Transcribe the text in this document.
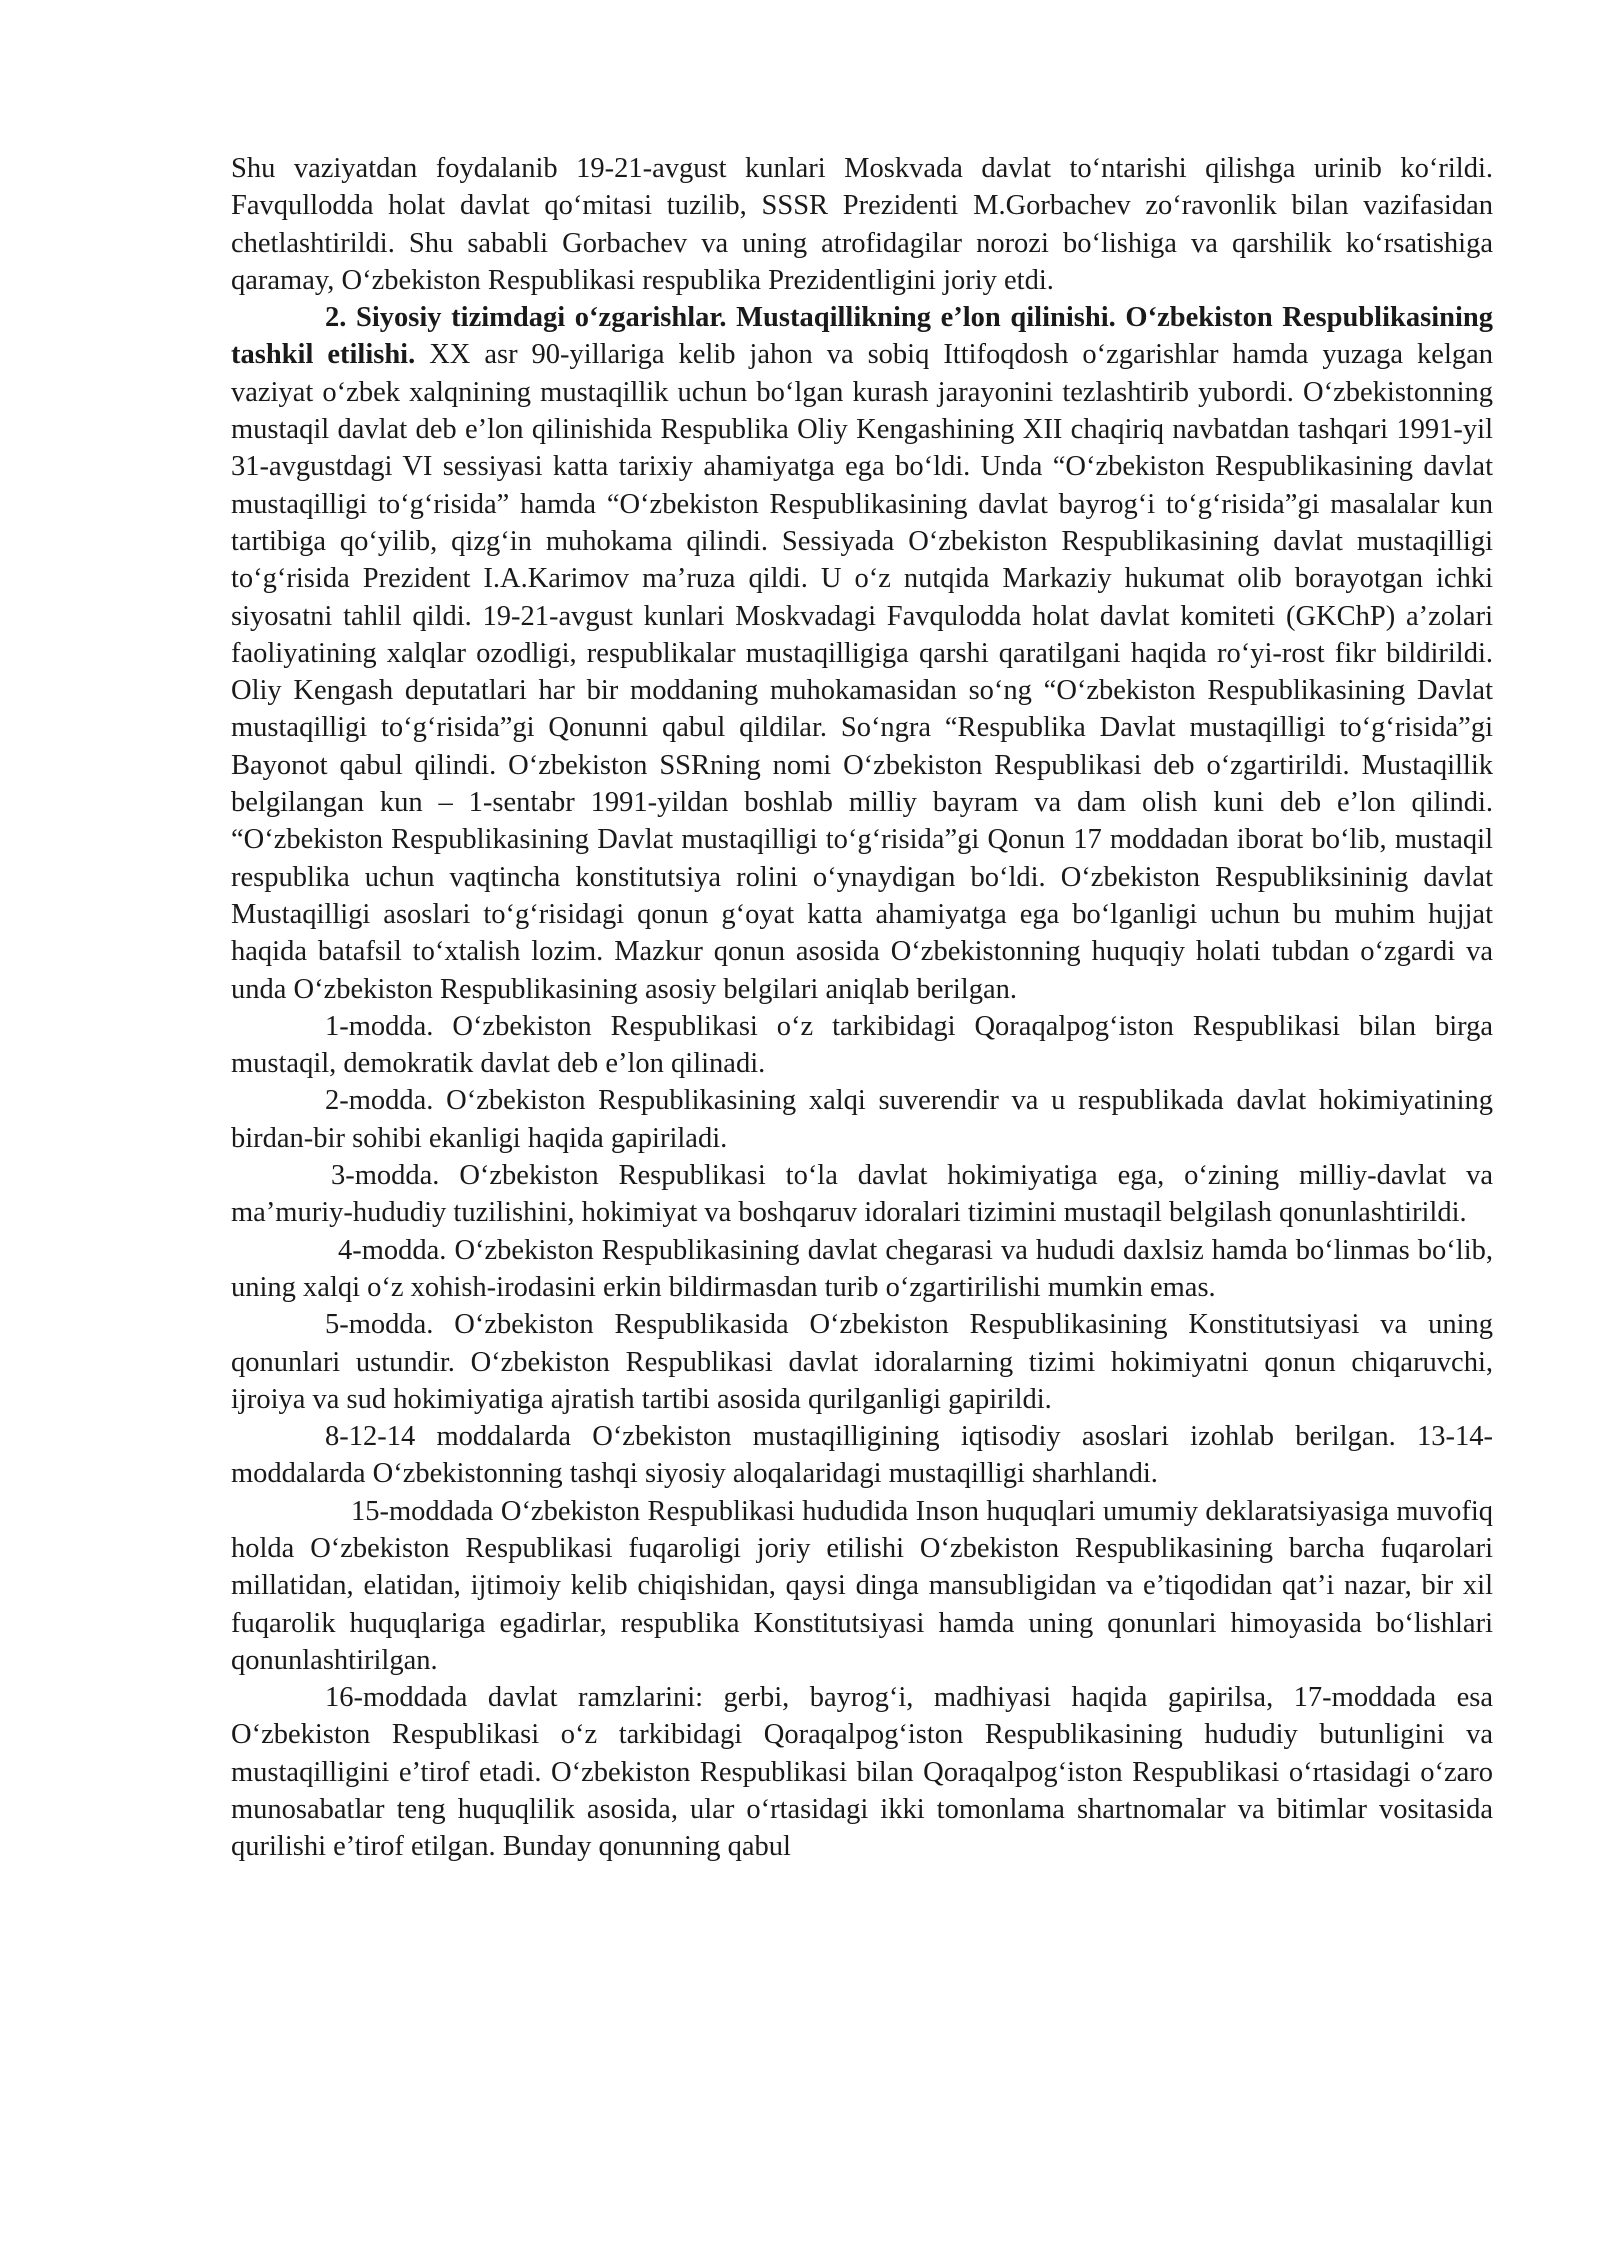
Shu vaziyatdan foydalanib 19-21-avgust kunlari Moskvada davlat to‘ntarishi qilishga urinib ko‘rildi. Favqullodda holat davlat qo‘mitasi tuzilib, SSSR Prezidenti M.Gorbachev zo‘ravonlik bilan vazifasidan chetlashtirildi. Shu sababli Gorbachev va uning atrofidagilar norozi bo‘lishiga va qarshilik ko‘rsatishiga qaramay, O‘zbekiston Respublikasi respublika Prezidentligini joriy etdi.

2. Siyosiy tizimdagi o‘zgarishlar. Mustaqillikning e’lon qilinishi. O‘zbekiston Respublikasining tashkil etilishi. XX asr 90-yillariga kelib jahon va sobiq Ittifoqdosh o‘zgarishlar hamda yuzaga kelgan vaziyat o‘zbek xalqnining mustaqillik uchun bo‘lgan kurash jarayonini tezlashtirib yubordi. O‘zbekistonning mustaqil davlat deb e’lon qilinishida Respublika Oliy Kengashining XII chaqiriq navbatdan tashqari 1991-yil 31-avgustdagi VI sessiyasi katta tarixiy ahamiyatga ega bo‘ldi. Unda “O‘zbekiston Respublikasining davlat mustaqilligi to‘g‘risida” hamda “O‘zbekiston Respublikasining davlat bayrog‘i to‘g‘risida”gi masalalar kun tartibiga qo‘yilib, qizg‘in muhokama qilindi. Sessiyada O‘zbekiston Respublikasining davlat mustaqilligi to‘g‘risida Prezident I.A.Karimov ma’ruza qildi. U o‘z nutqida Markaziy hukumat olib borayotgan ichki siyosatni tahlil qildi. 19-21-avgust kunlari Moskvadagi Favqulodda holat davlat komiteti (GKChP) a’zolari faoliyatining xalqlar ozodligi, respublikalar mustaqilligiga qarshi qaratilgani haqida ro‘yi-rost fikr bildirildi. Oliy Kengash deputatlari har bir moddaning muhokamasidan so‘ng “O‘zbekiston Respublikasining Davlat mustaqilligi to‘g‘risida”gi Qonunni qabul qildilar. So‘ngra “Respublika Davlat mustaqilligi to‘g‘risida”gi Bayonot qabul qilindi. O‘zbekiston SSRning nomi O‘zbekiston Respublikasi deb o‘zgartirildi. Mustaqillik belgilangan kun – 1-sentabr 1991-yildan boshlab milliy bayram va dam olish kuni deb e’lon qilindi. “O‘zbekiston Respublikasining Davlat mustaqilligi to‘g‘risida”gi Qonun 17 moddadan iborat bo‘lib, mustaqil respublika uchun vaqtincha konstitutsiya rolini o‘ynaydigan bo‘ldi. O‘zbekiston Respubliksininig davlat Mustaqilligi asoslari to‘g‘risidagi qonun g‘oyat katta ahamiyatga ega bo‘lganligi uchun bu muhim hujjat haqida batafsil to‘xtalish lozim. Mazkur qonun asosida O‘zbekistonning huquqiy holati tubdan o‘zgardi va unda O‘zbekiston Respublikasining asosiy belgilari aniqlab berilgan.

1-modda. O‘zbekiston Respublikasi o‘z tarkibidagi Qoraqalpog‘iston Respublikasi bilan birga mustaqil, demokratik davlat deb e’lon qilinadi.

2-modda. O‘zbekiston Respublikasining xalqi suverendir va u respublikada davlat hokimiyatining birdan-bir sohibi ekanligi haqida gapiriladi.

3-modda. O‘zbekiston Respublikasi to‘la davlat hokimiyatiga ega, o‘zining milliy-davlat va ma’muriy-hududiy tuzilishini, hokimiyat va boshqaruv idoralari tizimini mustaqil belgilash qonunlashtirildi.

4-modda. O‘zbekiston Respublikasining davlat chegarasi va hududi daxlsiz hamda bo‘linmas bo‘lib, uning xalqi o‘z xohish-irodasini erkin bildirmasdan turib o‘zgartirilishi mumkin emas.

5-modda. O‘zbekiston Respublikasida O‘zbekiston Respublikasining Konstitutsiyasi va uning qonunlari ustundir. O‘zbekiston Respublikasi davlat idoralarning tizimi hokimiyatni qonun chiqaruvchi, ijroiya va sud hokimiyatiga ajratish tartibi asosida qurilganligi gapirildi.

8-12-14 moddalarda O‘zbekiston mustaqilligining iqtisodiy asoslari izohlab berilgan. 13-14-moddalarda O‘zbekistonning tashqi siyosiy aloqalaridagi mustaqilligi sharhlandi.

15-moddada O‘zbekiston Respublikasi hududida Inson huquqlari umumiy deklaratsiyasiga muvofiq holda O‘zbekiston Respublikasi fuqaroligi joriy etilishi O‘zbekiston Respublikasining barcha fuqarolari millatidan, elatidan, ijtimoiy kelib chiqishidan, qaysi dinga mansubligidan va e’tiqodidan qat’i nazar, bir xil fuqarolik huquqlariga egadirlar, respublika Konstitutsiyasi hamda uning qonunlari himoyasida bo‘lishlari qonunlashtirilgan.

16-moddada davlat ramzlarini: gerbi, bayrog‘i, madhiyasi haqida gapirilsa, 17-moddada esa O‘zbekiston Respublikasi o‘z tarkibidagi Qoraqalpog‘iston Respublikasining hududiy butunligini va mustaqilligini e’tirof etadi. O‘zbekiston Respublikasi bilan Qoraqalpog‘iston Respublikasi o‘rtasidagi o‘zaro munosabatlar teng huquqlilik asosida, ular o‘rtasidagi ikki tomonlama shartnomalar va bitimlar vositasida qurilishi e’tirof etilgan. Bunday qonunning qabul
